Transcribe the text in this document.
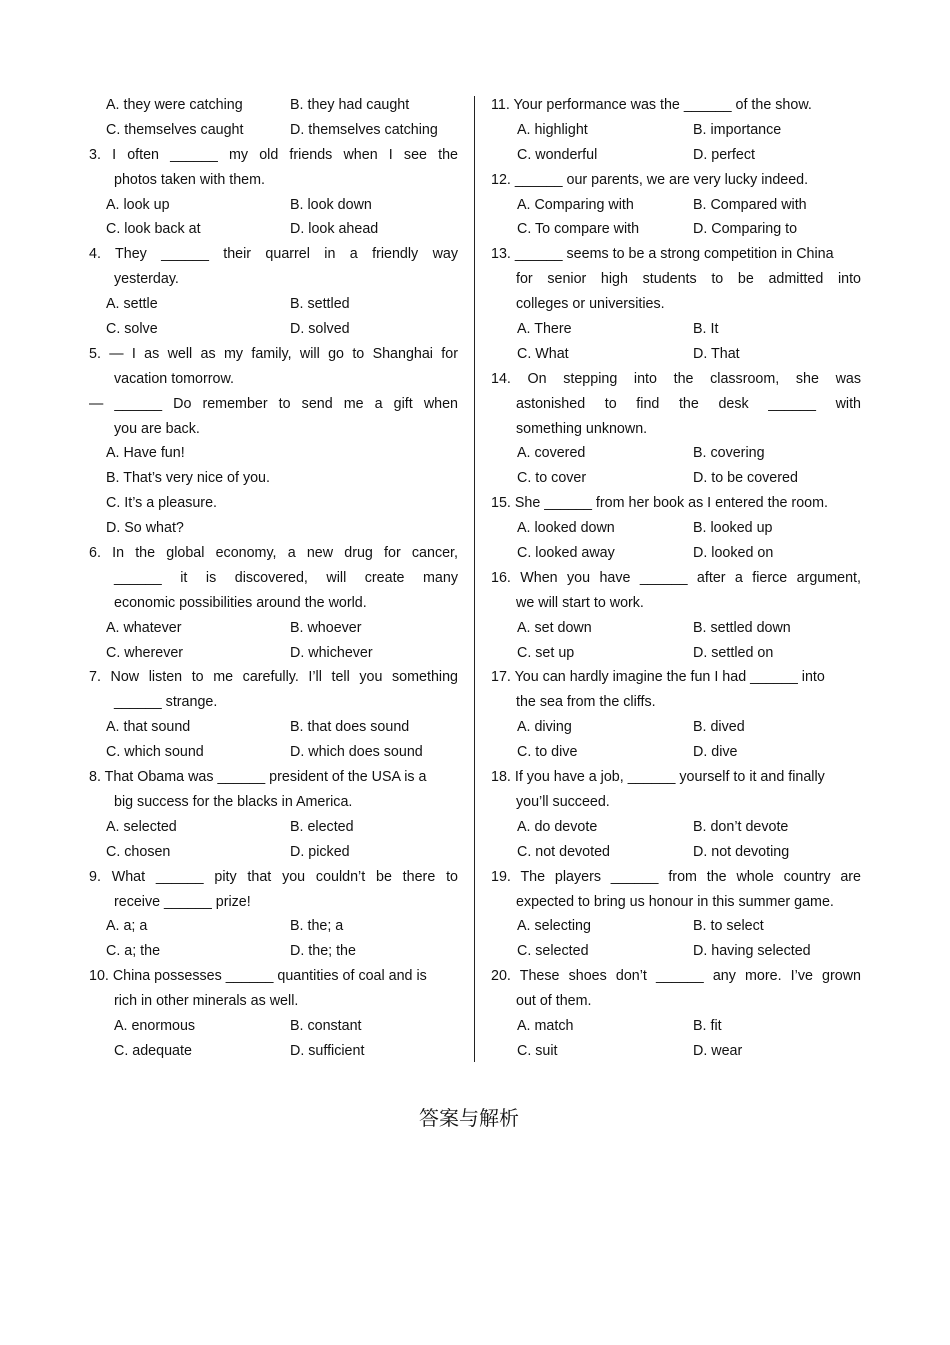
A. they were catching	B. they had caught
C. themselves caught	D. themselves catching
3. I often ______ my old friends when I see the
photos taken with them.
A. look up	B. look down
C. look back at	D. look ahead
4. They ______ their quarrel in a friendly way
yesterday.
A. settle	B. settled
C. solve	D. solved
5. — I as well as my family, will go to Shanghai for
vacation tomorrow.
— ______ Do remember to send me a gift when
you are back.
A. Have fun!
B. That’s very nice of you.
C. It’s a pleasure.
D. So what?
6. In the global economy, a new drug for cancer,
______ it is discovered, will create many
economic possibilities around the world.
A. whatever	B. whoever
C. wherever	D. whichever
7. Now listen to me carefully. I’ll tell you something
______ strange.
A. that sound	B. that does sound
C. which sound	D. which does sound
8. That Obama was ______ president of the USA is a
big success for the blacks in America.
A. selected	B. elected
C. chosen	D. picked
9. What ______ pity that you couldn’t be there to
receive ______ prize!
A. a; a	B. the; a
C. a; the	D. the; the
10. China possesses ______ quantities of coal and is
rich in other minerals as well.
A. enormous	B. constant
C. adequate	D. sufficient
11. Your performance was the ______ of the show.
A. highlight	B. importance
C. wonderful	D. perfect
12. ______ our parents, we are very lucky indeed.
A. Comparing with	B. Compared with
C. To compare with	D. Comparing to
13. ______ seems to be a strong competition in China
for senior high students to be admitted into
colleges or universities.
A. There	B. It
C. What	D. That
14. On stepping into the classroom, she was
astonished to find the desk ______ with
something unknown.
A. covered	B. covering
C. to cover	D. to be covered
15. She ______ from her book as I entered the room.
A. looked down	B. looked up
C. looked away	D. looked on
16. When you have ______ after a fierce argument,
we will start to work.
A. set down	B. settled down
C. set up	D. settled on
17. You can hardly imagine the fun I had ______ into
the sea from the cliffs.
A. diving	B. dived
C. to dive	D. dive
18. If you have a job, ______ yourself to it and finally
you’ll succeed.
A. do devote	B. don’t devote
C. not devoted	D. not devoting
19. The players ______ from the whole country are
expected to bring us honour in this summer game.
A. selecting	B. to select
C. selected	D. having selected
20. These shoes don’t ______ any more. I’ve grown
out of them.
A. match	B. fit
C. suit	D. wear
答案与解析
